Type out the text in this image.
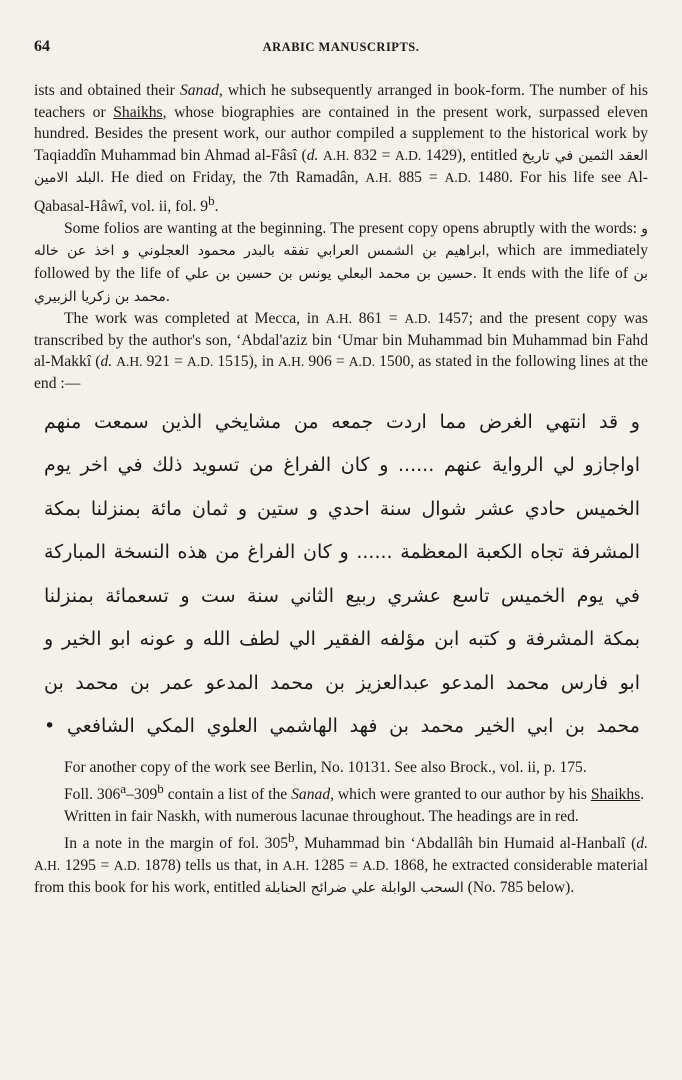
64	ARABIC MANUSCRIPTS.

ists and obtained their Sanad, which he subsequently arranged in book-form. The number of his teachers or Shaikhs, whose biographies are contained in the present work, surpassed eleven hundred. Besides the present work, our author compiled a supplement to the historical work by Taqiaddîn Muhammad bin Ahmad al-Fâsî (d. A.H. 832 = A.D. 1429), entitled العقد الثمين في تاريخ البلد الامين. He died on Friday, the 7th Ramadân, A.H. 885 = A.D. 1480. For his life see Al-Qabasal-Hâwî, vol. ii, fol. 9$^b$.

Some folios are wanting at the beginning. The present copy opens abruptly with the words: و تفقه بالبدر محمود العجلوني و اخذ عن خاله ابراهيم بن الشمس العرابي, which are immediately followed by the life of يونس بن حسين بن علي حسين بن محمد البعلي. It ends with the life of بن محمد بن زكريا الزبيري.

The work was completed at Mecca, in A.H. 861 = A.D. 1457; and the present copy was transcribed by the author's son, ‘Abdal'aziz bin ‘Umar bin Muhammad bin Muhammad bin Fahd al-Makkî (d. A.H. 921 = A.D. 1515), in A.H. 906 = A.D. 1500, as stated in the following lines at the end :—

و قد انتهي الغرض مما اردت جمعه من مشايخي الذين سمعت منهم
اواجازو لي الرواية عنهم ...... و كان الفراغ من تسويد ذلك في اخر يوم
الخميس حادي عشر شوال سنة احدي و ستين و ثمان مائة بمنزلنا بمكة
المشرفة تجاه الكعبة المعظمة ...... و كان الفراغ من هذه النسخة المباركة
في يوم الخميس تاسع عشري ربيع الثاني سنة ست و تسعمائة بمنزلنا
بمكة المشرفة و كتبه ابن مؤلفه الفقير الي لطف الله و عونه ابو الخير و
ابو فارس محمد المدعو عبدالعزيز بن محمد المدعو عمر بن محمد بن
محمد بن ابي الخير محمد بن فهد الهاشمي العلوي المكي الشافعي •

For another copy of the work see Berlin, No. 10131. See also Brock., vol. ii, p. 175.

Foll. 306$^a$–309$^b$ contain a list of the Sanad, which were granted to our author by his Shaikhs.

Written in fair Naskh, with numerous lacunae throughout. The headings are in red.

In a note in the margin of fol. 305$^b$, Muhammad bin ‘Abdallâh bin Humaid al-Hanbalî (d. A.H. 1295 = A.D. 1878) tells us that, in A.H. 1285 = A.D. 1868, he extracted considerable material from this book for his work, entitled السحب الوابلة علي ضرائح الحنابلة (No. 785 below).
